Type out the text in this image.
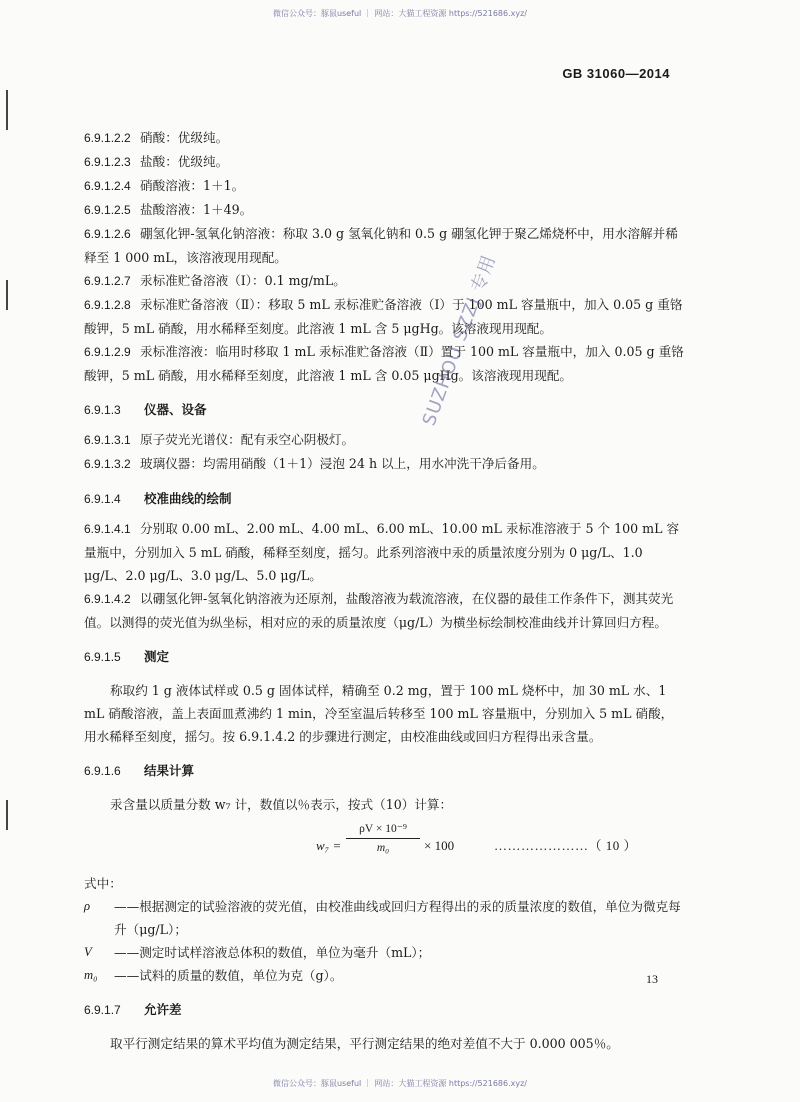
微信公众号：豚鼠useful ｜ 网站：大猫工程资源 https://521686.xyz/
GB 31060—2014

6.9.1.2.2 硝酸：优级纯。

6.9.1.2.3 盐酸：优级纯。

6.9.1.2.4 硝酸溶液：1＋1。

6.9.1.2.5 盐酸溶液：1＋49。

6.9.1.2.6 硼氢化钾-氢氧化钠溶液：称取 3.0 g 氢氧化钠和 0.5 g 硼氢化钾于聚乙烯烧杯中，用水溶解并稀释至 1 000 mL，该溶液现用现配。

6.9.1.2.7 汞标准贮备溶液（Ⅰ）：0.1 mg/mL。

6.9.1.2.8 汞标准贮备溶液（Ⅱ）：移取 5 mL 汞标准贮备溶液（Ⅰ）于 100 mL 容量瓶中，加入 0.05 g 重铬酸钾，5 mL 硝酸，用水稀释至刻度。此溶液 1 mL 含 5 μgHg。该溶液现用现配。

6.9.1.2.9 汞标准溶液：临用时移取 1 mL 汞标准贮备溶液（Ⅱ）置于 100 mL 容量瓶中，加入 0.05 g 重铬酸钾，5 mL 硝酸，用水稀释至刻度，此溶液 1 mL 含 0.05 μgHg。该溶液现用现配。

6.9.1.3 仪器、设备

6.9.1.3.1 原子荧光光谱仪：配有汞空心阴极灯。

6.9.1.3.2 玻璃仪器：均需用硝酸（1＋1）浸泡 24 h 以上，用水冲洗干净后备用。

6.9.1.4 校准曲线的绘制

6.9.1.4.1 分别取 0.00 mL、2.00 mL、4.00 mL、6.00 mL、10.00 mL 汞标准溶液于 5 个 100 mL 容量瓶中，分别加入 5 mL 硝酸，稀释至刻度，摇匀。此系列溶液中汞的质量浓度分别为 0 μg/L、1.0 μg/L、2.0 μg/L、3.0 μg/L、5.0 μg/L。

6.9.1.4.2 以硼氢化钾-氢氧化钠溶液为还原剂，盐酸溶液为载流溶液，在仪器的最佳工作条件下，测其荧光值。以测得的荧光值为纵坐标，相对应的汞的质量浓度（μg/L）为横坐标绘制校准曲线并计算回归方程。

6.9.1.5 测定

称取约 1 g 液体试样或 0.5 g 固体试样，精确至 0.2 mg，置于 100 mL 烧杯中，加 30 mL 水、1 mL 硝酸溶液，盖上表面皿煮沸约 1 min，冷至室温后转移至 100 mL 容量瓶中，分别加入 5 mL 硝酸，用水稀释至刻度，摇匀。按 6.9.1.4.2 的步骤进行测定，由校准曲线或回归方程得出汞含量。

6.9.1.6 结果计算

汞含量以质量分数 w₇ 计，数值以％表示，按式（10）计算：

$w_7 = \frac{\text{ρV × 10⁻⁹}}{\text{m₀}} \times 100$	…………………（ 10 ）

式中：

ρ	——根据测定的试验溶液的荧光值，由校准曲线或回归方程得出的汞的质量浓度的数值，单位为微克每升（μg/L）；
V	——测定时试样溶液总体积的数值，单位为毫升（mL）；
m₀	——试料的质量的数值，单位为克（g）。
6.9.1.7 允许差

取平行测定结果的算术平均值为测定结果，平行测定结果的绝对差值不大于 0.000 005％。

SUZHOU SZZJ 专用
13
微信公众号：豚鼠useful ｜ 网站：大猫工程资源 https://521686.xyz/
